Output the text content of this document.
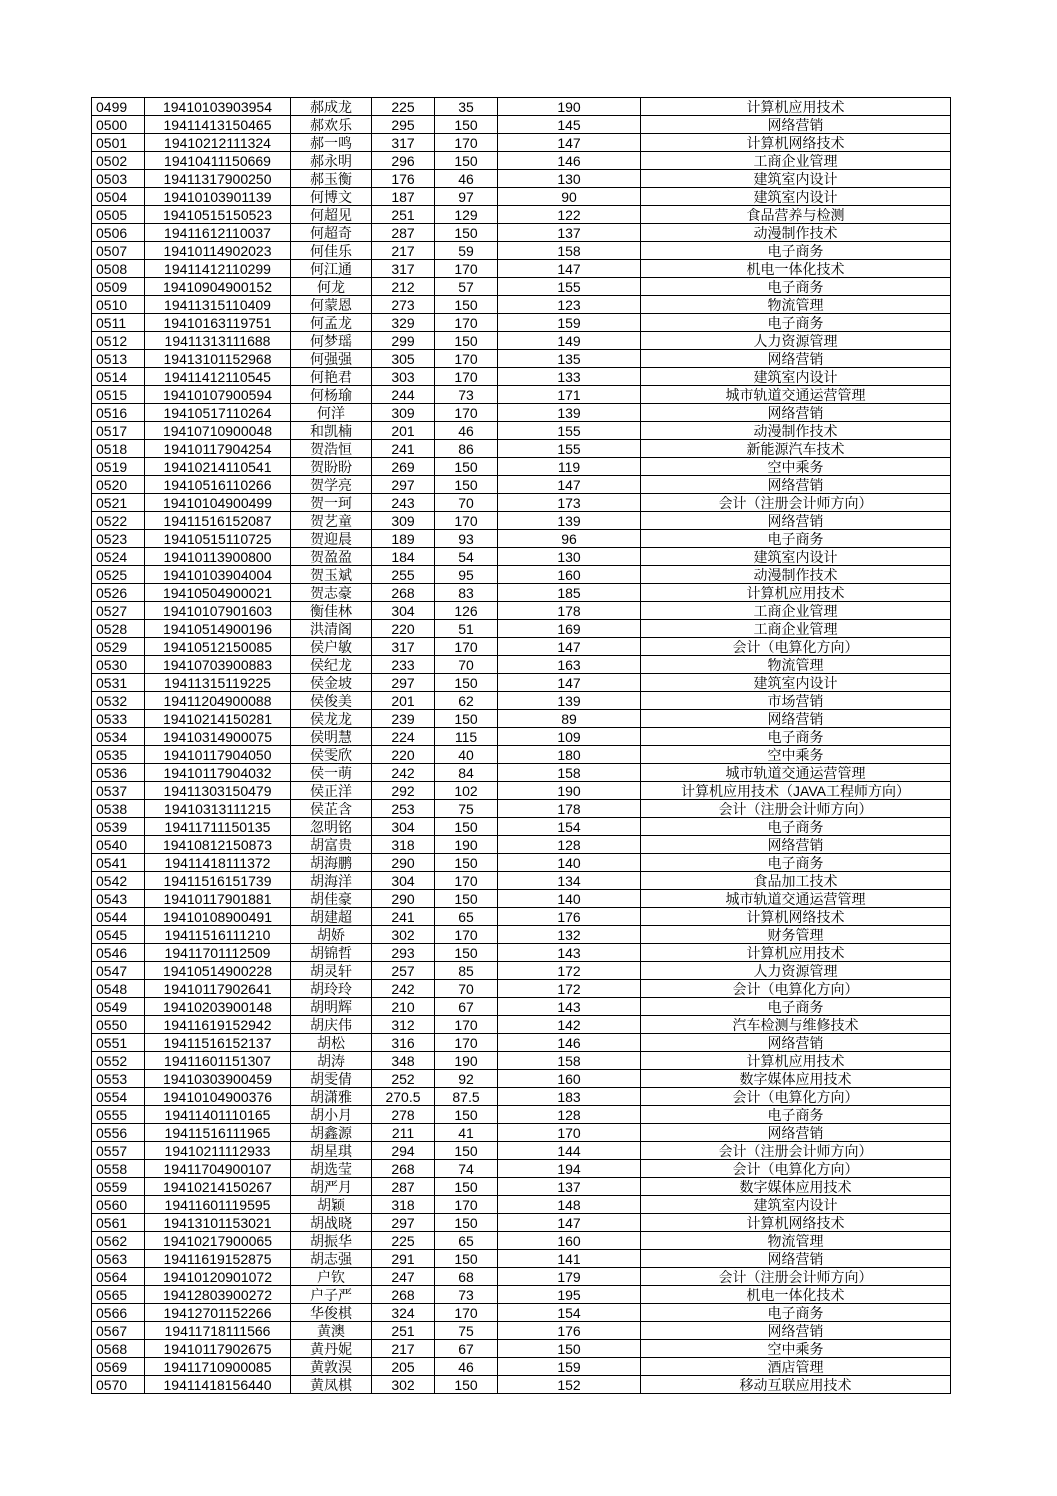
0499	19410103903954	郝成龙	225	35	190	计算机应用技术
0500	19411413150465	郝欢乐	295	150	145	网络营销
0501	19410212111324	郝一鸣	317	170	147	计算机网络技术
0502	19410411150669	郝永明	296	150	146	工商企业管理
0503	19411317900250	郝玉衡	176	46	130	建筑室内设计
0504	19410103901139	何博文	187	97	90	建筑室内设计
0505	19410515150523	何超见	251	129	122	食品营养与检测
0506	19411612110037	何超奇	287	150	137	动漫制作技术
0507	19410114902023	何佳乐	217	59	158	电子商务
0508	19411412110299	何江通	317	170	147	机电一体化技术
0509	19410904900152	何龙	212	57	155	电子商务
0510	19411315110409	何蒙恩	273	150	123	物流管理
0511	19410163119751	何孟龙	329	170	159	电子商务
0512	19411313111688	何梦瑶	299	150	149	人力资源管理
0513	19413101152968	何强强	305	170	135	网络营销
0514	19411412110545	何艳君	303	170	133	建筑室内设计
0515	19410107900594	何杨瑜	244	73	171	城市轨道交通运营管理
0516	19410517110264	何洋	309	170	139	网络营销
0517	19410710900048	和凯楠	201	46	155	动漫制作技术
0518	19410117904254	贺浩恒	241	86	155	新能源汽车技术
0519	19410214110541	贺盼盼	269	150	119	空中乘务
0520	19410516110266	贺学亮	297	150	147	网络营销
0521	19410104900499	贺一珂	243	70	173	会计（注册会计师方向）
0522	19411516152087	贺艺童	309	170	139	网络营销
0523	19410515110725	贺迎晨	189	93	96	电子商务
0524	19410113900800	贺盈盈	184	54	130	建筑室内设计
0525	19410103904004	贺玉斌	255	95	160	动漫制作技术
0526	19410504900021	贺志豪	268	83	185	计算机应用技术
0527	19410107901603	衡佳林	304	126	178	工商企业管理
0528	19410514900196	洪清阁	220	51	169	工商企业管理
0529	19410512150085	侯户敏	317	170	147	会计（电算化方向）
0530	19410703900883	侯纪龙	233	70	163	物流管理
0531	19411315119225	侯金坡	297	150	147	建筑室内设计
0532	19411204900088	侯俊美	201	62	139	市场营销
0533	19410214150281	侯龙龙	239	150	89	网络营销
0534	19410314900075	侯明慧	224	115	109	电子商务
0535	19410117904050	侯雯欣	220	40	180	空中乘务
0536	19410117904032	侯一萌	242	84	158	城市轨道交通运营管理
0537	19411303150479	侯正洋	292	102	190	计算机应用技术（JAVA工程师方向）
0538	19410313111215	侯芷含	253	75	178	会计（注册会计师方向）
0539	19411711150135	忽明铭	304	150	154	电子商务
0540	19410812150873	胡富贵	318	190	128	网络营销
0541	19411418111372	胡海鹏	290	150	140	电子商务
0542	19411516151739	胡海洋	304	170	134	食品加工技术
0543	19410117901881	胡佳豪	290	150	140	城市轨道交通运营管理
0544	19410108900491	胡建超	241	65	176	计算机网络技术
0545	19411516111210	胡娇	302	170	132	财务管理
0546	19411701112509	胡锦哲	293	150	143	计算机应用技术
0547	19410514900228	胡灵轩	257	85	172	人力资源管理
0548	19410117902641	胡玲玲	242	70	172	会计（电算化方向）
0549	19410203900148	胡明辉	210	67	143	电子商务
0550	19411619152942	胡庆伟	312	170	142	汽车检测与维修技术
0551	19411516152137	胡松	316	170	146	网络营销
0552	19411601151307	胡涛	348	190	158	计算机应用技术
0553	19410303900459	胡雯倩	252	92	160	数字媒体应用技术
0554	19410104900376	胡潇雅	270.5	87.5	183	会计（电算化方向）
0555	19411401110165	胡小月	278	150	128	电子商务
0556	19411516111965	胡鑫源	211	41	170	网络营销
0557	19410211112933	胡星琪	294	150	144	会计（注册会计师方向）
0558	19411704900107	胡选莹	268	74	194	会计（电算化方向）
0559	19410214150267	胡严月	287	150	137	数字媒体应用技术
0560	19411601119595	胡颖	318	170	148	建筑室内设计
0561	19413101153021	胡战晓	297	150	147	计算机网络技术
0562	19410217900065	胡振华	225	65	160	物流管理
0563	19411619152875	胡志强	291	150	141	网络营销
0564	19410120901072	户钦	247	68	179	会计（注册会计师方向）
0565	19412803900272	户子严	268	73	195	机电一体化技术
0566	19412701152266	华俊棋	324	170	154	电子商务
0567	19411718111566	黄澳	251	75	176	网络营销
0568	19410117902675	黄丹妮	217	67	150	空中乘务
0569	19411710900085	黄敦淏	205	46	159	酒店管理
0570	19411418156440	黄凤棋	302	150	152	移动互联应用技术
